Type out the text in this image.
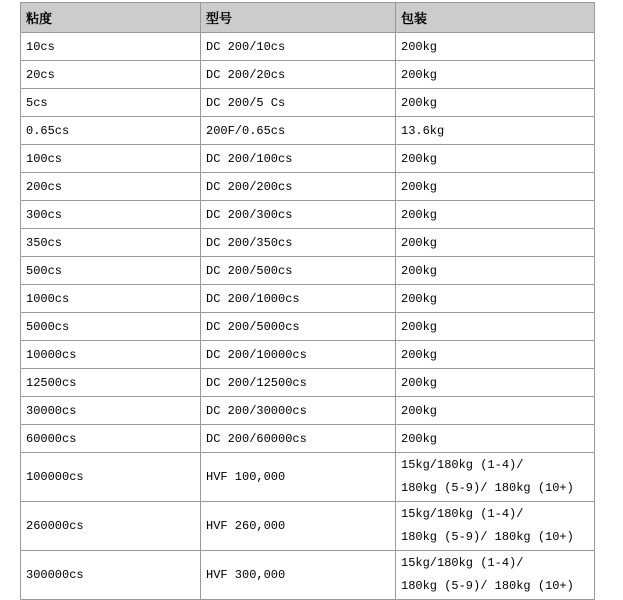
粘度	型号	包装

10cs	DC 200/10cs	200kg

20cs	DC 200/20cs	200kg

5cs	DC 200/5 Cs	200kg

0.65cs	200F/0.65cs	13.6kg

100cs	DC 200/100cs	200kg

200cs	DC 200/200cs	200kg

300cs	DC 200/300cs	200kg

350cs	DC 200/350cs	200kg

500cs	DC 200/500cs	200kg

1000cs	DC 200/1000cs	200kg

5000cs	DC 200/5000cs	200kg

10000cs	DC 200/10000cs	200kg

12500cs	DC 200/12500cs	200kg

30000cs	DC 200/30000cs	200kg

60000cs	DC 200/60000cs	200kg

100000cs	HVF 100,000	15kg/180kg (1-4)/
180kg (5-9)/ 180kg (10+)

260000cs	HVF 260,000	15kg/180kg (1-4)/
180kg (5-9)/ 180kg (10+)

300000cs	HVF 300,000	15kg/180kg (1-4)/
180kg (5-9)/ 180kg (10+)
